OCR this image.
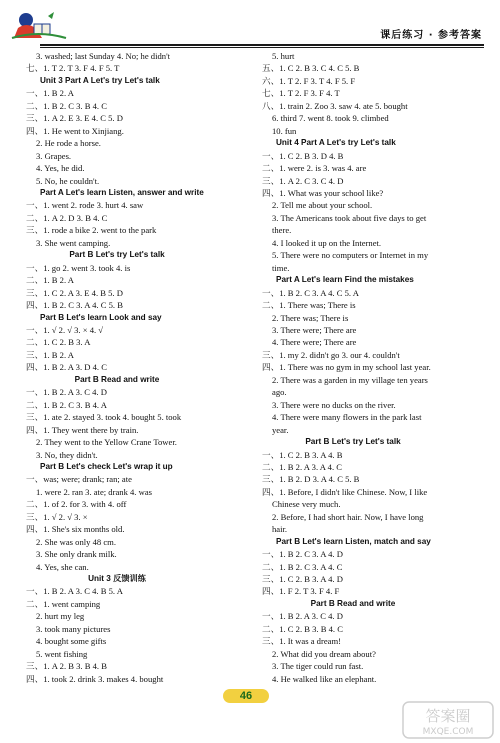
课后练习 · 参考答案
3. washed; last Sunday 4. No; he didn't
七、1. T 2. T 3. F 4. F 5. T
Unit 3 Part A Let's try Let's talk
一、1. B 2. A
二、1. B 2. C 3. B 4. C
三、1. A 2. E 3. E 4. C 5. D
四、1. He went to Xinjiang.
2. He rode a horse.
3. Grapes.
4. Yes, he did.
5. No, he couldn't.
Part A Let's learn Listen, answer and write
一、1. went 2. rode 3. hurt 4. saw
二、1. A 2. D 3. B 4. C
三、1. rode a bike 2. went to the park
3. She went camping.
Part B Let's try Let's talk
一、1. go 2. went 3. took 4. is
二、1. B 2. A
三、1. C 2. A 3. E 4. B 5. D
四、1. B 2. C 3. A 4. C 5. B
Part B Let's learn Look and say
一、1. √ 2. √ 3. × 4. √
二、1. C 2. B 3. A
三、1. B 2. A
四、1. B 2. A 3. D 4. C
Part B Read and write
一、1. B 2. A 3. C 4. D
二、1. B 2. C 3. B 4. A
三、1. ate 2. stayed 3. took 4. bought 5. took
四、1. They went there by train.
2. They went to the Yellow Crane Tower.
3. No, they didn't.
Part B Let's check Let's wrap it up
一、was; were; drank; ran; ate
1. were 2. ran 3. ate; drank 4. was
二、1. of 2. for 3. with 4. off
三、1. √ 2. √ 3. ×
四、1. She's six months old.
2. She was only 48 cm.
3. She only drank milk.
4. Yes, she can.
Unit 3 反馈训练
一、1. B 2. A 3. C 4. B 5. A
二、1. went camping
2. hurt my leg
3. took many pictures
4. bought some gifts
5. went fishing
三、1. A 2. B 3. B 4. B
四、1. took 2. drink 3. makes 4. bought
5. hurt
五、1. C 2. B 3. C 4. C 5. B
六、1. T 2. F 3. T 4. F 5. F
七、1. T 2. F 3. F 4. T
八、1. train 2. Zoo 3. saw 4. ate 5. bought
6. third 7. went 8. took 9. climbed
10. fun
Unit 4 Part A Let's try Let's talk
一、1. C 2. B 3. D 4. B
二、1. were 2. is 3. was 4. are
三、1. A 2. C 3. C 4. D
四、1. What was your school like?
2. Tell me about your school.
3. The Americans took about five days to get
there.
4. I looked it up on the Internet.
5. There were no computers or Internet in my
time.
Part A Let's learn Find the mistakes
一、1. B 2. C 3. A 4. C 5. A
二、1. There was; There is
2. There was; There is
3. There were; There are
4. There were; There are
三、1. my 2. didn't go 3. our 4. couldn't
四、1. There was no gym in my school last year.
2. There was a garden in my village ten years
ago.
3. There were no ducks on the river.
4. There were many flowers in the park last
year.
Part B Let's try Let's talk
一、1. C 2. B 3. A 4. B
二、1. B 2. A 3. A 4. C
三、1. B 2. D 3. A 4. C 5. B
四、1. Before, I didn't like Chinese. Now, I like
Chinese very much.
2. Before, I had short hair. Now, I have long
hair.
Part B Let's learn Listen, match and say
一、1. B 2. C 3. A 4. D
二、1. B 2. C 3. A 4. C
三、1. C 2. B 3. A 4. D
四、1. F 2. T 3. F 4. F
Part B Read and write
一、1. B 2. A 3. C 4. D
二、1. C 2. B 3. B 4. C
三、1. It was a dream!
2. What did you dream about?
3. The tiger could run fast.
4. He walked like an elephant.
46
答案圈
MXQE.COM
